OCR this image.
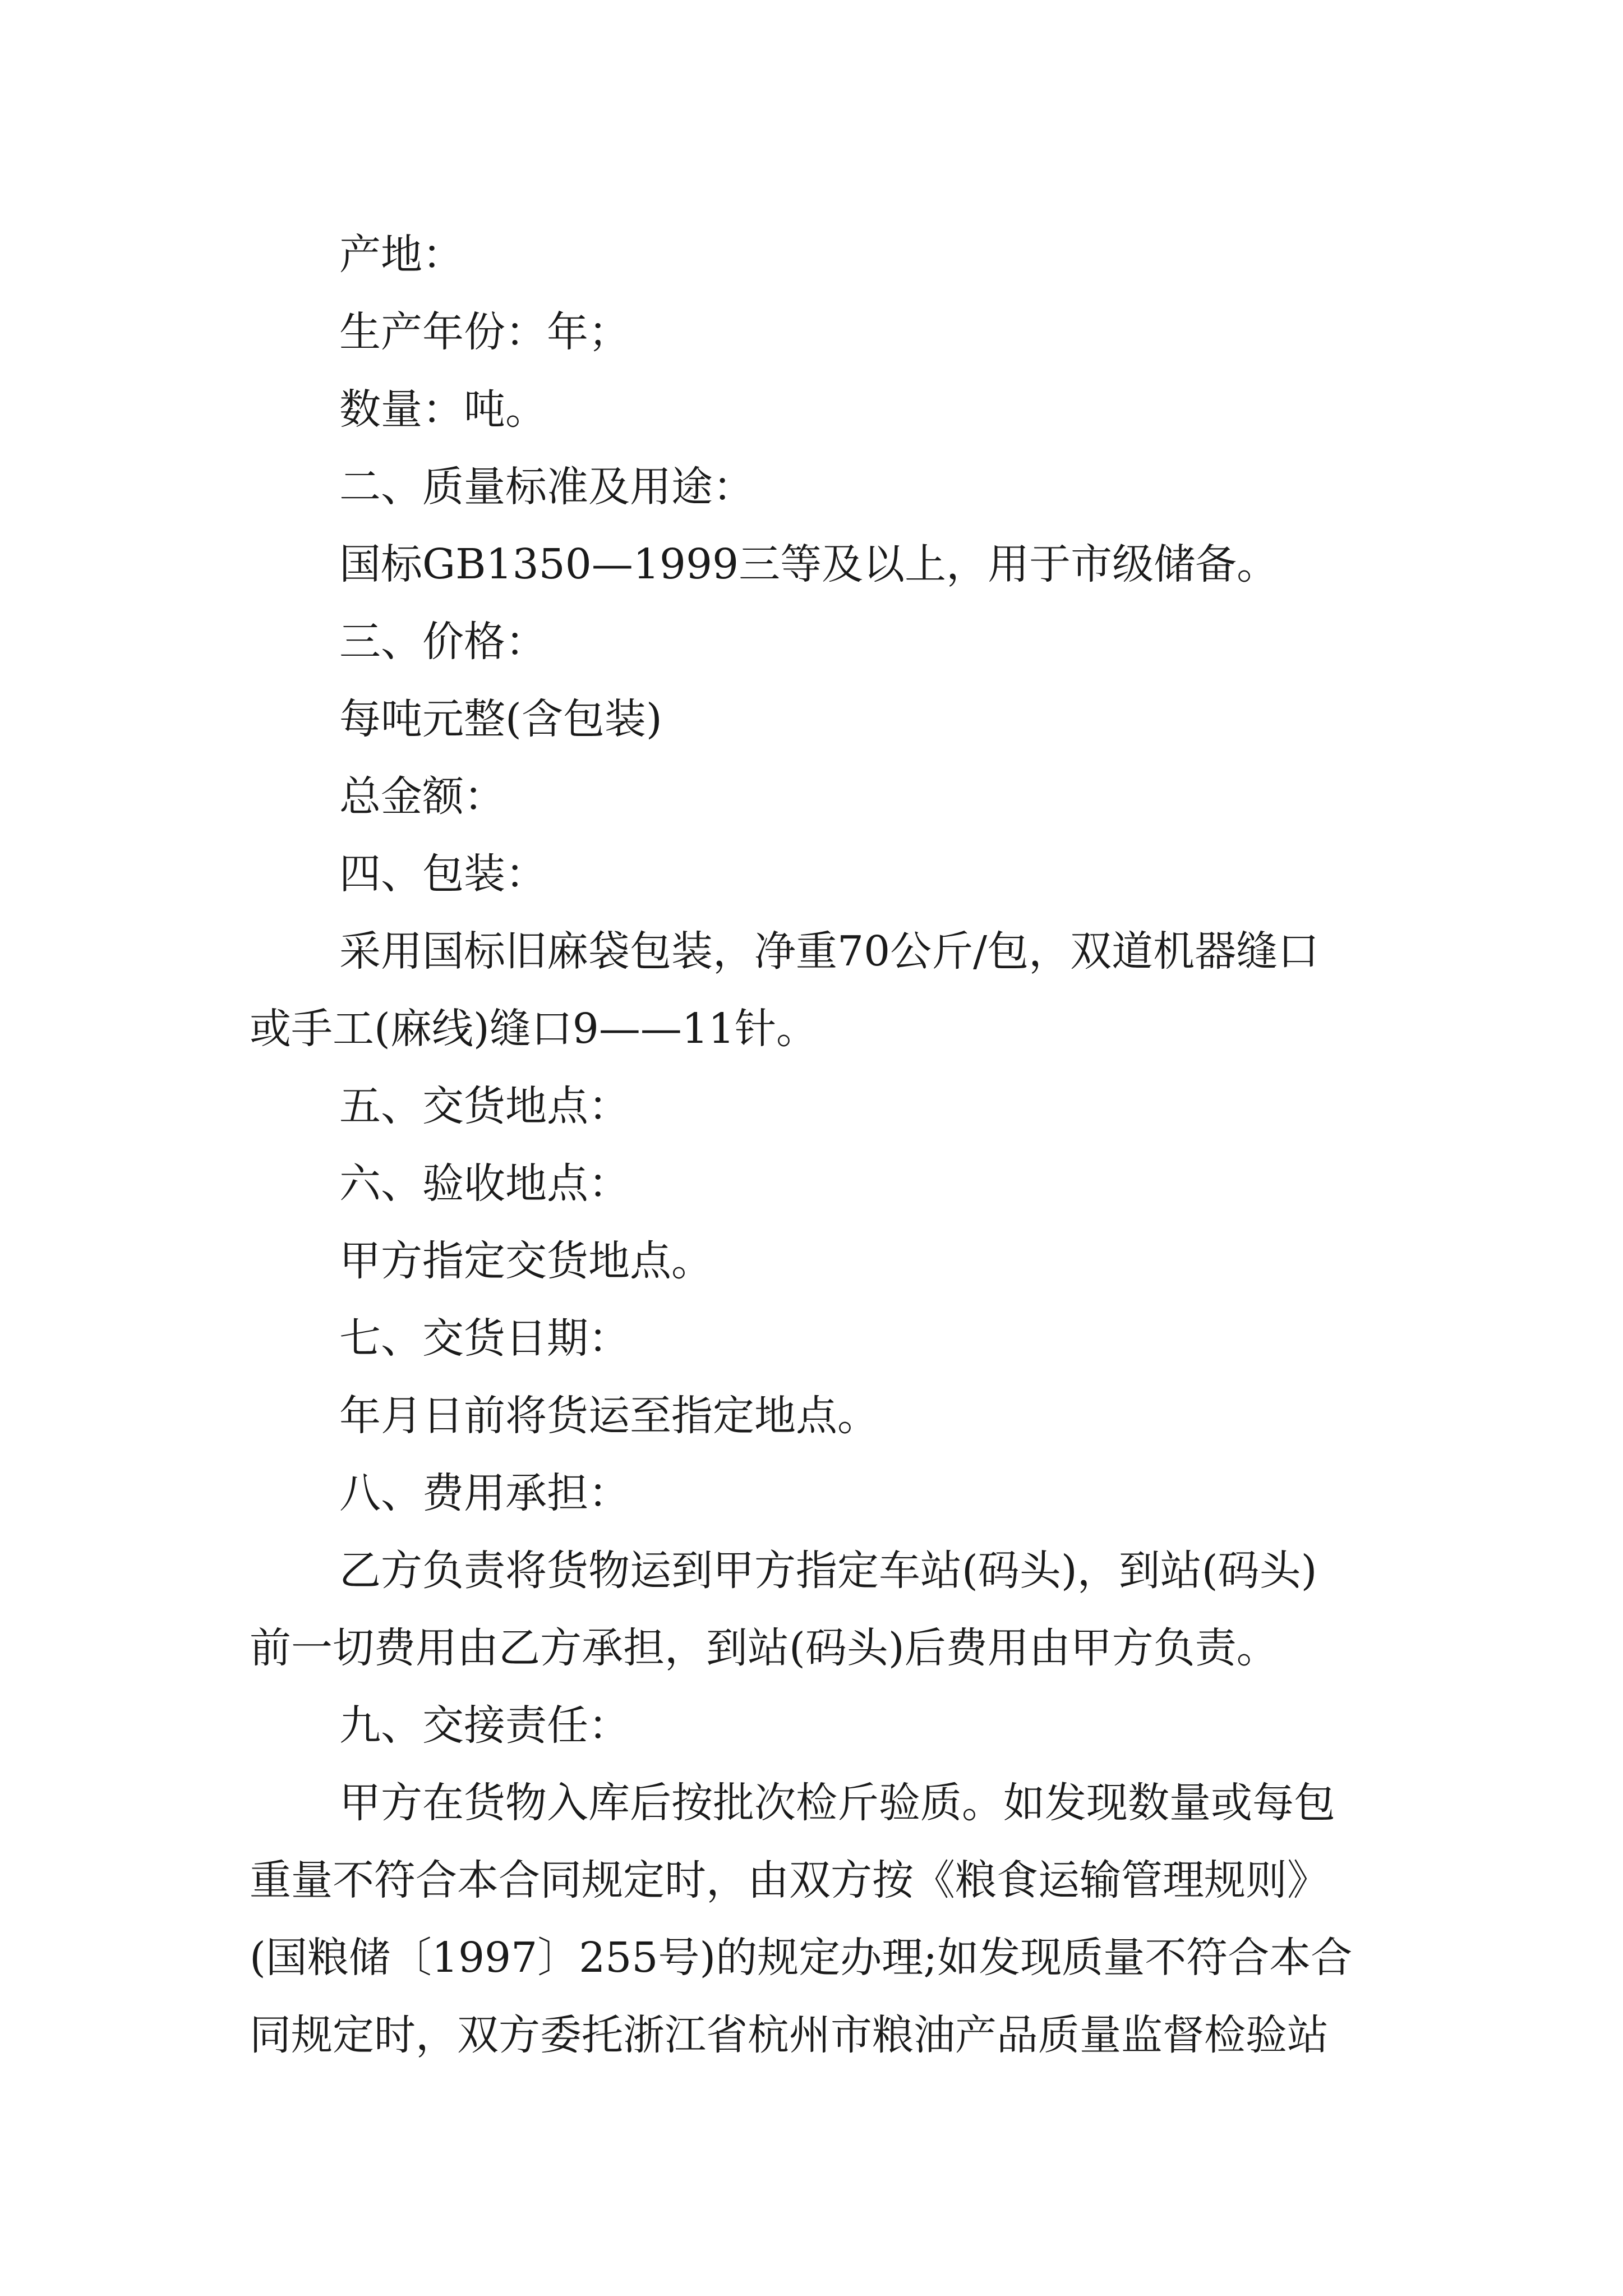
产地：
生产年份：年；
数量：吨。
二、质量标准及用途：
国标GB1350—1999三等及以上，用于市级储备。
三、价格：
每吨元整(含包装)
总金额：
四、包装：
采用国标旧麻袋包装，净重70公斤/包，双道机器缝口
或手工(麻线)缝口9——11针。
五、交货地点：
六、验收地点：
甲方指定交货地点。
七、交货日期：
年月日前将货运至指定地点。
八、费用承担：
乙方负责将货物运到甲方指定车站(码头)，到站(码头)
前一切费用由乙方承担，到站(码头)后费用由甲方负责。
九、交接责任：
甲方在货物入库后按批次检斤验质。如发现数量或每包
重量不符合本合同规定时，由双方按《粮食运输管理规则》
(国粮储〔1997〕255号)的规定办理;如发现质量不符合本合
同规定时，双方委托浙江省杭州市粮油产品质量监督检验站
